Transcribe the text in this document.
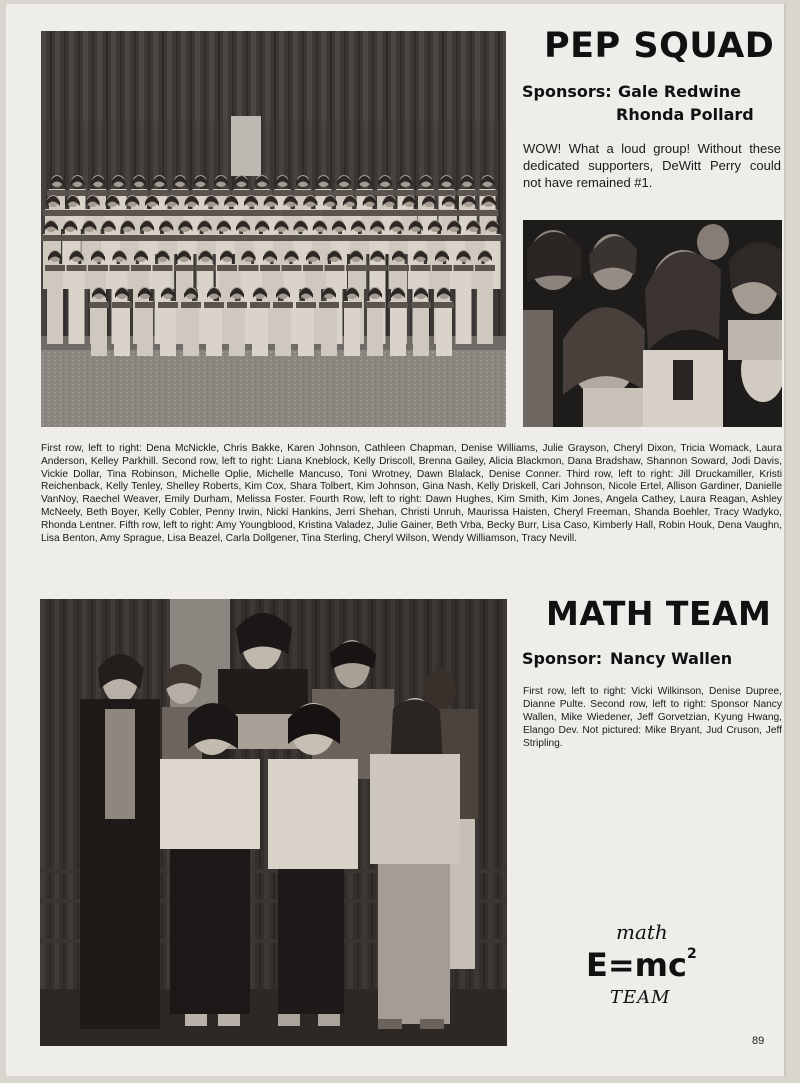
PEP SQUAD
Sponsors: Gale Redwine
Rhonda Pollard
WOW! What a loud group! Without these dedicated supporters, DeWitt Perry could not have remained #1.
First row, left to right: Dena McNickle, Chris Bakke, Karen Johnson, Cathleen Chapman, Denise Williams, Julie Grayson, Cheryl Dixon, Tricia Womack, Laura Anderson, Kelley Parkhill. Second row, left to right: Liana Kneblock, Kelly Driscoll, Brenna Gailey, Alicia Blackmon, Dana Bradshaw, Shannon Soward, Jodi Davis, Vickie Dollar, Tina Robinson, Michelle Oplie, Michelle Mancuso, Toni Wrotney, Dawn Blalack, Denise Conner. Third row, left to right: Jill Druckamiller, Kristi Reichenback, Kelly Tenley, Shelley Roberts, Kim Cox, Shara Tolbert, Kim Johnson, Gina Nash, Kelly Driskell, Cari Johnson, Nicole Ertel, Allison Gardiner, Danielle VanNoy, Raechel Weaver, Emily Durham, Melissa Foster. Fourth Row, left to right: Dawn Hughes, Kim Smith, Kim Jones, Angela Cathey, Laura Reagan, Ashley McNeely, Beth Boyer, Kelly Cobler, Penny Irwin, Nicki Hankins, Jerri Shehan, Christi Unruh, Maurissa Haisten, Cheryl Freeman, Shanda Boehler, Tracy Wadyko, Rhonda Lentner. Fifth row, left to right: Amy Youngblood, Kristina Valadez, Julie Gainer, Beth Vrba, Becky Burr, Lisa Caso, Kimberly Hall, Robin Houk, Dena Vaughn, Lisa Benton, Amy Sprague, Lisa Beazel, Carla Dollgener, Tina Sterling, Cheryl Wilson, Wendy Williamson, Tracy Nevill.
MATH TEAM
Sponsor: Nancy Wallen
First row, left to right: Vicki Wilkinson, Denise Dupree, Dianne Pulte. Second row, left to right: Sponsor Nancy Wallen, Mike Wiedener, Jeff Gorvetzian, Kyung Hwang, Elango Dev. Not pictured: Mike Bryant, Jud Cruson, Jeff Stripling.
math
$E=mc^2$
TEAM
89
